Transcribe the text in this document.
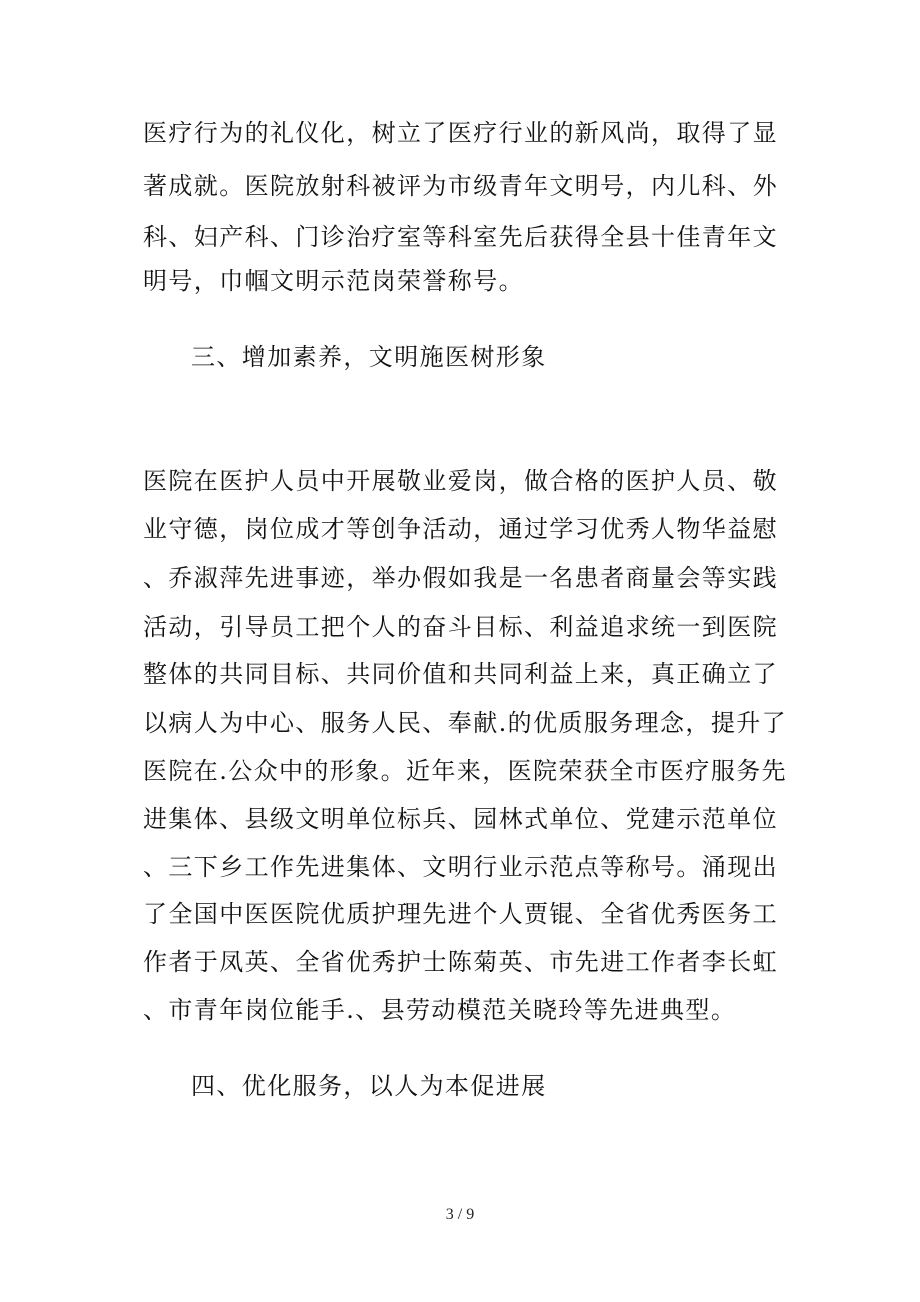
医疗行为的礼仪化，树立了医疗行业的新风尚，取得了显
著成就。医院放射科被评为市级青年文明号，内儿科、外
科、妇产科、门诊治疗室等科室先后获得全县十佳青年文
明号，巾帼文明示范岗荣誉称号。
三、增加素养，文明施医树形象
医院在医护人员中开展敬业爱岗，做合格的医护人员、敬
业守德，岗位成才等创争活动，通过学习优秀人物华益慰
、乔淑萍先进事迹，举办假如我是一名患者商量会等实践
活动，引导员工把个人的奋斗目标、利益追求统一到医院
整体的共同目标、共同价值和共同利益上来，真正确立了
以病人为中心、服务人民、奉献.的优质服务理念，提升了
医院在.公众中的形象。近年来，医院荣获全市医疗服务先
进集体、县级文明单位标兵、园林式单位、党建示范单位
、三下乡工作先进集体、文明行业示范点等称号。涌现出
了全国中医医院优质护理先进个人贾锟、全省优秀医务工
作者于凤英、全省优秀护士陈菊英、市先进工作者李长虹
、市青年岗位能手.、县劳动模范关晓玲等先进典型。
四、优化服务，以人为本促进展
3 / 9
